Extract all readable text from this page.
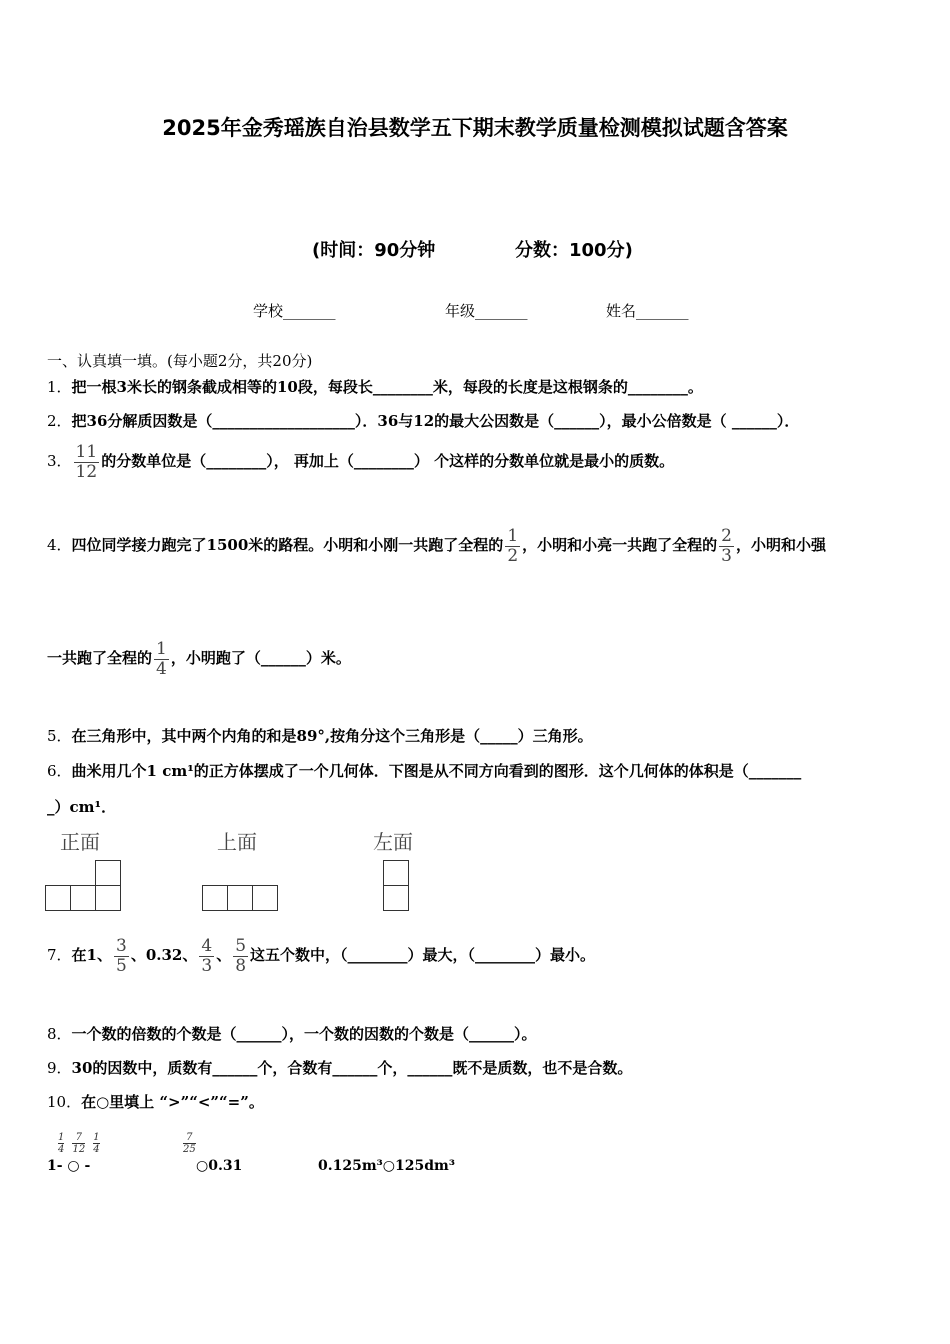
2025年金秀瑶族自治县数学五下期末教学质量检测模拟试题含答案
(时间：90分钟	分数：100分)
学校_______	年级_______	姓名_______
一、认真填一填。(每小题2分，共20分)
1．把一根3米长的钢条截成相等的10段，每段长________米，每段的长度是这根钢条的________。
2．把36分解质因数是（___________________）．36与12的最大公因数是（______），最小公倍数是（ ______）．
3． $\frac{11}{12}$ 的分数单位是（________）， 再加上（________） 个这样的分数单位就是最小的质数。
4．四位同学接力跑完了1500米的路程。小明和小刚一共跑了全程的 $\frac{1}{2}$ ，小明和小亮一共跑了全程的 $\frac{2}{3}$ ，小明和小强
一共跑了全程的 $\frac{1}{4}$ ，小明跑了（______）米。
5．在三角形中，其中两个内角的和是89°,按角分这个三角形是（_____）三角形。
6．曲米用几个1 cm¹的正方体摆成了一个几何体．下图是从不同方向看到的图形．这个几何体的体积是（_______
_）cm¹．
正面	上面	左面
7．在1、 $\frac{3}{5}$ 、0.32、 $\frac{4}{3}$ 、 $\frac{5}{8}$ 这五个数中，（________）最大，（________）最小。
8．一个数的倍数的个数是（______），一个数的因数的个数是（______）。
9．30的因数中，质数有______个，合数有______个，______既不是质数，也不是合数。
10．在○里填上 “>”“<”“=”。
$\frac{1}{4} \frac{7}{12} \frac{1}{4}$
1- ○ -
$\frac{7}{25}$
○0.31	0.125m³○125dm³
